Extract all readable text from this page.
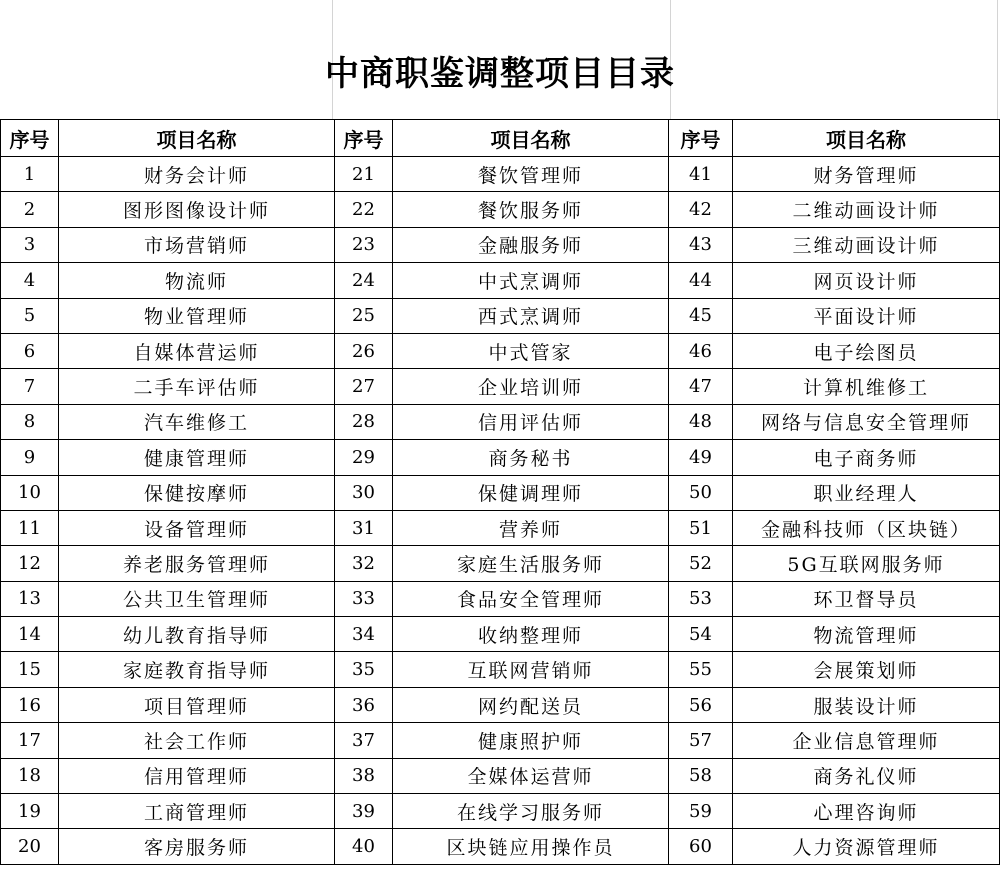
中商职鉴调整项目目录
序号	项目名称	序号	项目名称	序号	项目名称
1	财务会计师	21	餐饮管理师	41	财务管理师
2	图形图像设计师	22	餐饮服务师	42	二维动画设计师
3	市场营销师	23	金融服务师	43	三维动画设计师
4	物流师	24	中式烹调师	44	网页设计师
5	物业管理师	25	西式烹调师	45	平面设计师
6	自媒体营运师	26	中式管家	46	电子绘图员
7	二手车评估师	27	企业培训师	47	计算机维修工
8	汽车维修工	28	信用评估师	48	网络与信息安全管理师
9	健康管理师	29	商务秘书	49	电子商务师
10	保健按摩师	30	保健调理师	50	职业经理人
11	设备管理师	31	营养师	51	金融科技师（区块链）
12	养老服务管理师	32	家庭生活服务师	52	5G互联网服务师
13	公共卫生管理师	33	食品安全管理师	53	环卫督导员
14	幼儿教育指导师	34	收纳整理师	54	物流管理师
15	家庭教育指导师	35	互联网营销师	55	会展策划师
16	项目管理师	36	网约配送员	56	服装设计师
17	社会工作师	37	健康照护师	57	企业信息管理师
18	信用管理师	38	全媒体运营师	58	商务礼仪师
19	工商管理师	39	在线学习服务师	59	心理咨询师
20	客房服务师	40	区块链应用操作员	60	人力资源管理师
